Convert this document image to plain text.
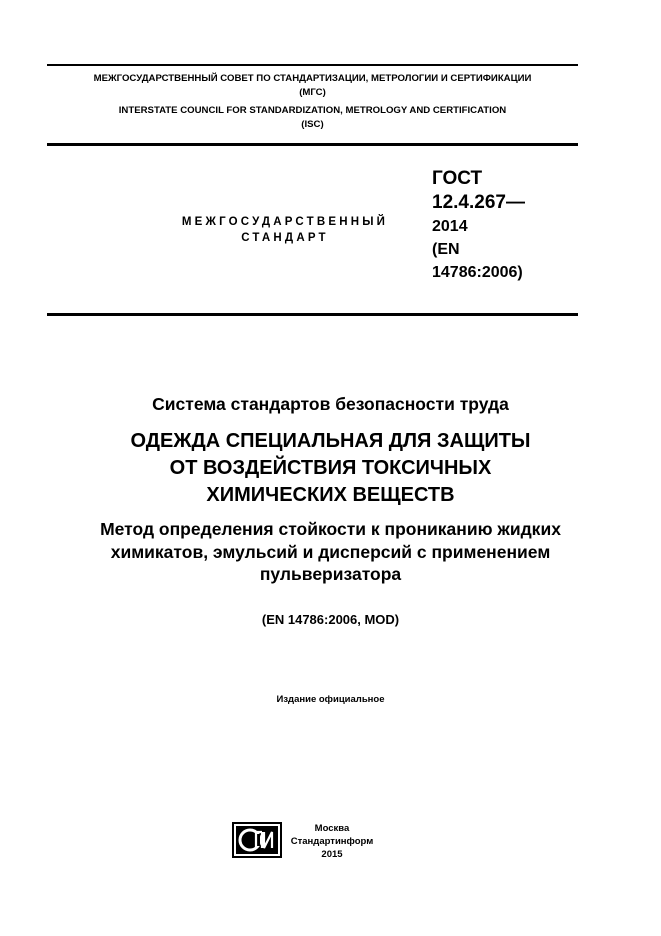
МЕЖГОСУДАРСТВЕННЫЙ СОВЕТ ПО СТАНДАРТИЗАЦИИ, МЕТРОЛОГИИ И СЕРТИФИКАЦИИ
(МГС)
INTERSTATE COUNCIL FOR STANDARDIZATION, METROLOGY AND CERTIFICATION
(ISC)
МЕЖГОСУДАРСТВЕННЫЙ
СТАНДАРТ
ГОСТ
12.4.267—
2014
(EN
14786:2006)
Система стандартов безопасности труда
ОДЕЖДА СПЕЦИАЛЬНАЯ ДЛЯ ЗАЩИТЫ
ОТ ВОЗДЕЙСТВИЯ ТОКСИЧНЫХ
ХИМИЧЕСКИХ ВЕЩЕСТВ
Метод определения стойкости к прониканию жидких
химикатов, эмульсий и дисперсий с применением
пульверизатора
(EN 14786:2006, MOD)
Издание официальное
Москва
Стандартинформ
2015
